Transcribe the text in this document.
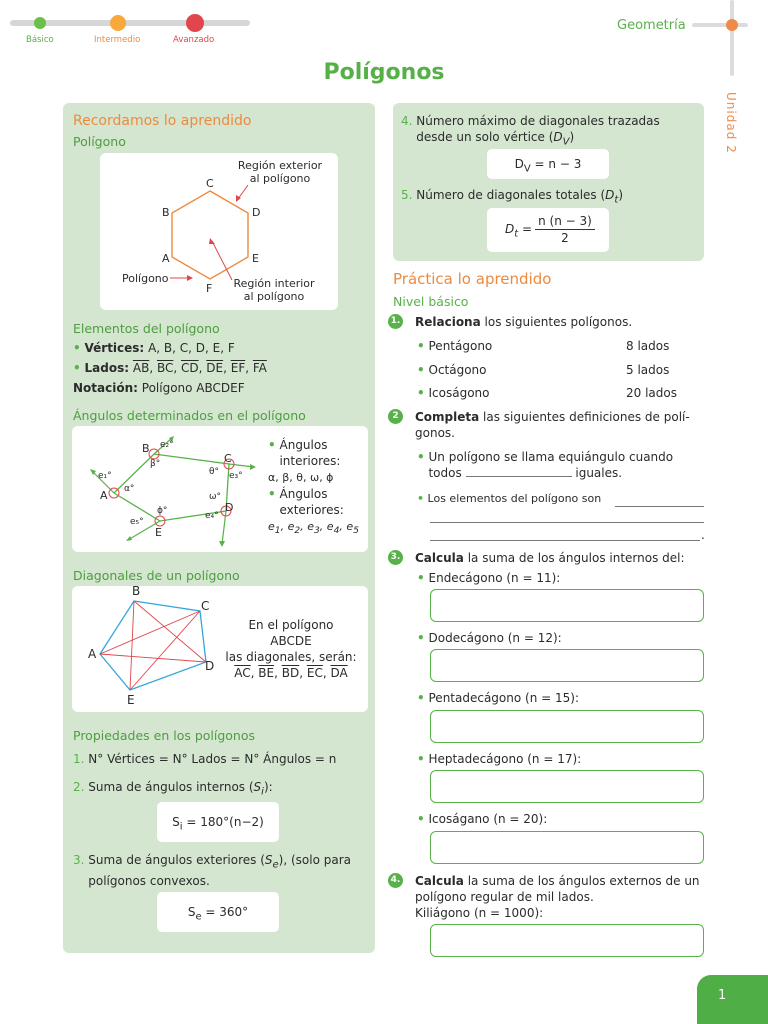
Básico	Intermedio	Avanzado
Geometría
Unidad 2
Polígonos
Recordamos lo aprendido
Polígono
Región exterior
al polígono
Región interior
al polígono
Polígono
C
B	D
A	E
F
Elementos del polígono
• Vértices: A, B, C, D, E, F
• Lados: $\overline{AB}$, $\overline{BC}$, $\overline{CD}$, $\overline{DE}$, $\overline{EF}$, $\overline{FA}$
Notación: Polígono ABCDEF
Ángulos determinados en el polígono
B
C
A
D
E
e₂°
β°
e₁°
α°
θ° e₃°
ω°
e₄°
ϕ°
e₅°
• Ángulos
interiores:
α, β, θ, ω, ϕ
• Ángulos
exteriores:
$e_1$, $e_2$, $e_3$, $e_4$, $e_5$
Diagonales de un polígono
B
C
A
D
E
En el polígono
ABCDE
las diagonales, serán:
$\overline{AC}$, $\overline{BE}$, $\overline{BD}$, $\overline{EC}$, $\overline{DA}$
Propiedades en los polígonos
1. N° Vértices = N° Lados = N° Ángulos = n
2. Suma de ángulos internos $(S_i)$:
$S_i = 180^\circ(n-2)$
3. Suma de ángulos exteriores $(S_e)$, (solo para
polígonos convexos.
$S_e = 360^\circ$
4. Número máximo de diagonales trazadas
desde un solo vértice $(D_V)$
$D_V = n - 3$
5. Número de diagonales totales $(D_t)$
$D_t = \frac{n (n - 3)}{2}$
Práctica lo aprendido
Nivel básico
1. Relaciona los siguientes polígonos.
• Pentágono	8 lados
• Octágono	5 lados
• Icoságono	20 lados
2	Completa las siguientes definiciones de polí-
gonos.
• Un polígono se llama equiángulo cuando
todos	iguales.
• Los elementos del polígono son
.
3. Calcula la suma de los ángulos internos del:
• Endecágono (n = 11):
• Dodecágono (n = 12):
• Pentadecágono (n = 15):
• Heptadecágono (n = 17):
• Icoságano (n = 20):
4. Calcula la suma de los ángulos externos de un
polígono regular de mil lados.
Kiliágono (n = 1000):
1
